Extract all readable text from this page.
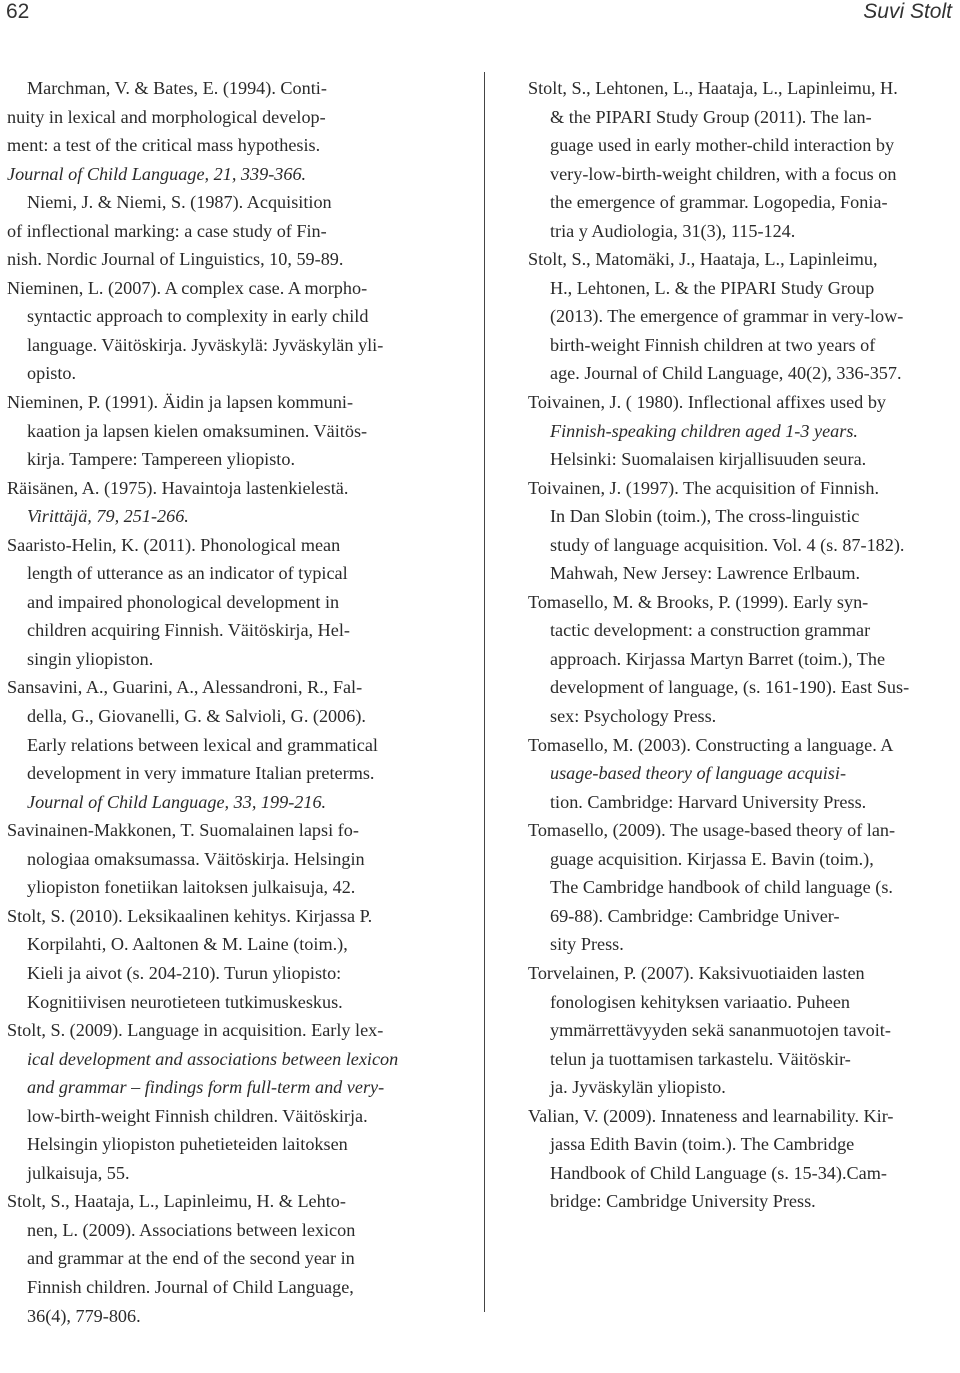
62	Suvi Stolt
Marchman, V. & Bates, E. (1994). Conti-
nuity in lexical and morphological develop-
ment: a test of the critical mass hypothesis.
Journal of Child Language, 21, 339-366.
Niemi, J. & Niemi, S. (1987). Acquisition
of inflectional marking: a case study of Fin-
nish. Nordic Journal of Linguistics, 10, 59-89.
Nieminen, L. (2007). A complex case. A morpho-
syntactic approach to complexity in early child
language. Väitöskirja. Jyväskylä: Jyväskylän yli-
opisto.
Nieminen, P. (1991). Äidin ja lapsen kommuni-
kaation ja lapsen kielen omaksuminen. Väitös-
kirja. Tampere: Tampereen yliopisto.
Räisänen, A. (1975). Havaintoja lastenkielestä.
Virittäjä, 79, 251-266.
Saaristo-Helin, K. (2011). Phonological mean
length of utterance as an indicator of typical
and impaired phonological development in
children acquiring Finnish. Väitöskirja, Hel-
singin yliopiston.
Sansavini, A., Guarini, A., Alessandroni, R., Fal-
della, G., Giovanelli, G. & Salvioli, G. (2006).
Early relations between lexical and grammatical
development in very immature Italian preterms.
Journal of Child Language, 33, 199-216.
Savinainen-Makkonen, T. Suomalainen lapsi fo-
nologiaa omaksumassa. Väitöskirja. Helsingin
yliopiston fonetiikan laitoksen julkaisuja, 42.
Stolt, S. (2010). Leksikaalinen kehitys. Kirjassa P.
Korpilahti, O. Aaltonen & M. Laine (toim.),
Kieli ja aivot (s. 204-210). Turun yliopisto:
Kognitiivisen neurotieteen tutkimuskeskus.
Stolt, S. (2009). Language in acquisition. Early lex-
ical development and associations between lexicon
and grammar – findings form full-term and very-
low-birth-weight Finnish children. Väitöskirja.
Helsingin yliopiston puhetieteiden laitoksen
julkaisuja, 55.
Stolt, S., Haataja, L., Lapinleimu, H. & Lehto-
nen, L. (2009). Associations between lexicon
and grammar at the end of the second year in
Finnish children. Journal of Child Language,
36(4), 779-806.
Stolt, S., Lehtonen, L., Haataja, L., Lapinleimu, H.
& the PIPARI Study Group (2011). The lan-
guage used in early mother-child interaction by
very-low-birth-weight children, with a focus on
the emergence of grammar. Logopedia, Fonia-
tria y Audiologia, 31(3), 115-124.
Stolt, S., Matomäki, J., Haataja, L., Lapinleimu,
H., Lehtonen, L. & the PIPARI Study Group
(2013). The emergence of grammar in very-low-
birth-weight Finnish children at two years of
age. Journal of Child Language, 40(2), 336-357.
Toivainen, J. ( 1980). Inflectional affixes used by
Finnish-speaking children aged 1-3 years.
Helsinki: Suomalaisen kirjallisuuden seura.
Toivainen, J. (1997). The acquisition of Finnish.
In Dan Slobin (toim.), The cross-linguistic
study of language acquisition. Vol. 4 (s. 87-182).
Mahwah, New Jersey: Lawrence Erlbaum.
Tomasello, M. & Brooks, P. (1999). Early syn-
tactic development: a construction grammar
approach. Kirjassa Martyn Barret (toim.), The
development of language, (s. 161-190). East Sus-
sex: Psychology Press.
Tomasello, M. (2003). Constructing a language. A
usage-based theory of language acquisi-
tion. Cambridge: Harvard University Press.
Tomasello, (2009). The usage-based theory of lan-
guage acquisition. Kirjassa E. Bavin (toim.),
The Cambridge handbook of child language (s.
69-88). Cambridge: Cambridge Univer-
sity Press.
Torvelainen, P. (2007). Kaksivuotiaiden lasten
fonologisen kehityksen variaatio. Puheen
ymmärrettävyyden sekä sananmuotojen tavoit-
telun ja tuottamisen tarkastelu. Väitöskir-
ja. Jyväskylän yliopisto.
Valian, V. (2009). Innateness and learnability. Kir-
jassa Edith Bavin (toim.). The Cambridge
Handbook of Child Language (s. 15-34).Cam-
bridge: Cambridge University Press.
